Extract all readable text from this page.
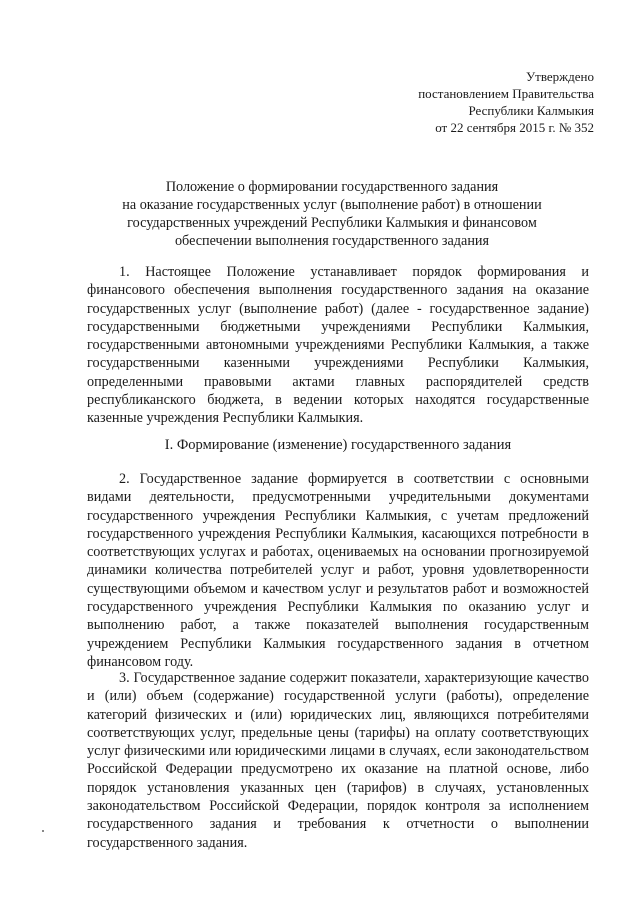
Утверждено
постановлением Правительства
Республики Калмыкия
от 22 сентября 2015 г. № 352
Положение о формировании государственного задания
на оказание государственных услуг (выполнение работ) в отношении
государственных учреждений Республики Калмыкия и финансовом
обеспечении выполнения государственного задания

1. Настоящее Положение устанавливает порядок формирования и финансового обеспечения выполнения государственного задания на оказание государственных услуг (выполнение работ) (далее - государственное задание) государственными бюджетными учреждениями Республики Калмыкия, государственными автономными учреждениями Республики Калмыкия, а также государственными казенными учреждениями Республики Калмыкия, определенными правовыми актами главных распорядителей средств республиканского бюджета, в ведении которых находятся государственные казенные учреждения Республики Калмыкия.

I. Формирование (изменение) государственного задания

2. Государственное задание формируется в соответствии с основными видами деятельности, предусмотренными учредительными документами государственного учреждения Республики Калмыкия, с учетам предложений государственного учреждения Республики Калмыкия, касающихся потребности в соответствующих услугах и работах, оцениваемых на основании прогнозируемой динамики количества потребителей услуг и работ, уровня удовлетворенности существующими объемом и качеством услуг и результатов работ и возможностей государственного учреждения Республики Калмыкия по оказанию услуг и выполнению работ, а также показателей выполнения государственным учреждением Республики Калмыкия государственного задания в отчетном финансовом году.

3. Государственное задание содержит показатели, характеризующие качество и (или) объем (содержание) государственной услуги (работы), определение категорий физических и (или) юридических лиц, являющихся потребителями соответствующих услуг, предельные цены (тарифы) на оплату соответствующих услуг физическими или юридическими лицами в случаях, если законодательством Российской Федерации предусмотрено их оказание на платной основе, либо порядок установления указанных цен (тарифов) в случаях, установленных законодательством Российской Федерации, порядок контроля за исполнением государственного задания и требования к отчетности о выполнении государственного задания.
